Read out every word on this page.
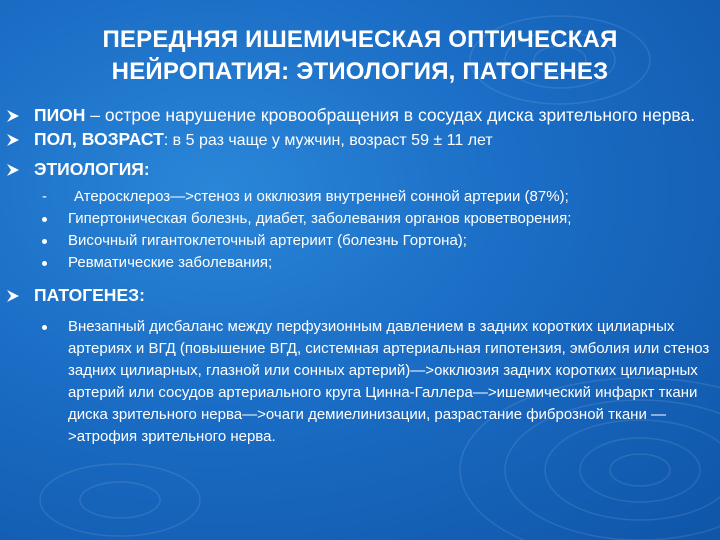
ПЕРЕДНЯЯ ИШЕМИЧЕСКАЯ ОПТИЧЕСКАЯ
НЕЙРОПАТИЯ: ЭТИОЛОГИЯ, ПАТОГЕНЕЗ
ПИОН – острое нарушение кровообращения в сосудах диска зрительного нерва.
ПОЛ, ВОЗРАСТ: в 5 раз чаще у мужчин, возраст 59 ± 11 лет
ЭТИОЛОГИЯ:
- Атеросклероз—>стеноз и окклюзия внутренней сонной артерии (87%);
Гипертоническая болезнь, диабет, заболевания органов кроветворения;
Височный гигантоклеточный артериит (болезнь Гортона);
Ревматические заболевания;
ПАТОГЕНЕЗ:
Внезапный дисбаланс между перфузионным давлением в задних коротких цилиарных артериях и ВГД (повышение ВГД, системная артериальная гипотензия, эмболия или стеноз задних цилиарных, глазной или сонных артерий)—>окклюзия задних коротких цилиарных артерий или сосудов артериального круга Цинна-Галлера—>ишемический инфаркт ткани диска зрительного нерва—>очаги демиелинизации, разрастание фиброзной ткани —>атрофия зрительного нерва.
